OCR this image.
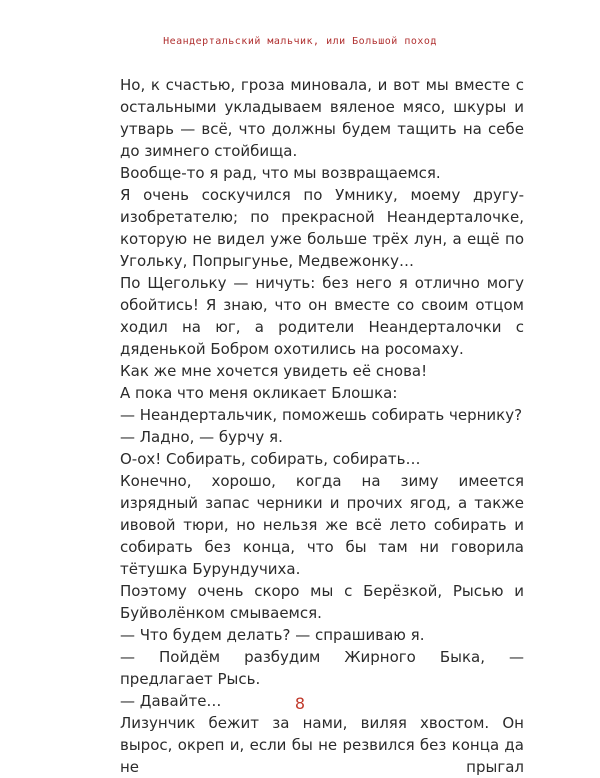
Неандертальский мальчик, или Большой поход

Но, к счастью, гроза миновала, и вот мы вместе с остальными укладываем вяленое мясо, шкуры и утварь — всё, что должны будем тащить на себе до зимнего стойбища.

Вообще-то я рад, что мы возвращаемся.

Я очень соскучился по Умнику, моему другу-изобретателю; по прекрасной Неандерталочке, которую не видел уже больше трёх лун, а ещё по Угольку, Попрыгунье, Медвежонку…

По Щегольку — ничуть: без него я отлично могу обойтись! Я знаю, что он вместе со своим отцом ходил на юг, а родители Неандерталочки с дяденькой Бобром охотились на росомаху.

Как же мне хочется увидеть её снова!

А пока что меня окликает Блошка:

— Неандертальчик, поможешь собирать чернику?

— Ладно, — бурчу я.

О-ох! Собирать, собирать, собирать…

Конечно, хорошо, когда на зиму имеется изрядный запас черники и прочих ягод, а также ивовой тюри, но нельзя же всё лето собирать и собирать без конца, что бы там ни говорила тётушка Бурундучиха.

Поэтому очень скоро мы с Берёзкой, Рысью и Буйволёнком смываемся.

— Что будем делать? — спрашиваю я.

— Пойдём разбудим Жирного Быка, — предлагает Рысь.

— Давайте…

Лизунчик бежит за нами, виляя хвостом. Он вырос, окреп и, если бы не резвился без конца да не прыгал

8
